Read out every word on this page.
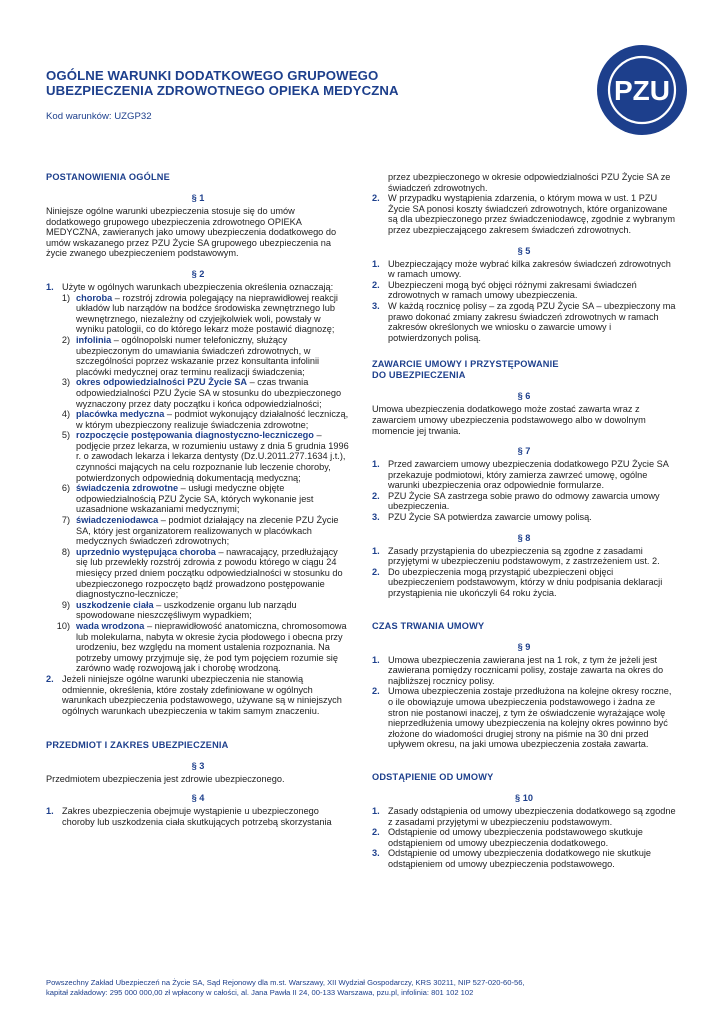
OGÓLNE WARUNKI DODATKOWEGO GRUPOWEGO
UBEZPIECZENIA ZDROWOTNEGO OPIEKA MEDYCZNA
Kod warunków: UZGP32
PZU
POSTANOWIENIA OGÓLNE
§ 1

Niniejsze ogólne warunki ubezpieczenia stosuje się do umów dodatkowego grupowego ubezpieczenia zdrowotnego OPIEKA MEDYCZNA, zawieranych jako umowy ubezpieczenia dodatkowego do umów wskazanego przez PZU Życie SA grupowego ubezpieczenia na życie zwanego ubezpieczeniem podstawowym.

§ 2
1. Użyte w ogólnych warunkach ubezpieczenia określenia oznaczają:
1) choroba – rozstrój zdrowia polegający na nieprawidłowej reakcji układów lub narządów na bodźce środowiska zewnętrznego lub wewnętrznego, niezależny od czyjejkolwiek woli, powstały w wyniku patologii, co do którego lekarz może postawić diagnozę;
2) infolinia – ogólnopolski numer telefoniczny, służący ubezpieczonym do umawiania świadczeń zdrowotnych, w szczególności poprzez wskazanie przez konsultanta infolinii placówki medycznej oraz terminu realizacji świadczenia;
3) okres odpowiedzialności PZU Życie SA – czas trwania odpowiedzialności PZU Życie SA w stosunku do ubezpieczonego wyznaczony przez daty początku i końca odpowiedzialności;
4) placówka medyczna – podmiot wykonujący działalność leczniczą, w którym ubezpieczony realizuje świadczenia zdrowotne;
5) rozpoczęcie postępowania diagnostyczno-leczniczego – podjęcie przez lekarza, w rozumieniu ustawy z dnia 5 grudnia 1996 r. o zawodach lekarza i lekarza dentysty (Dz.U.2011.277.1634 j.t.), czynności mających na celu rozpoznanie lub leczenie choroby, potwierdzonych odpowiednią dokumentacją medyczną;
6) świadczenia zdrowotne – usługi medyczne objęte odpowiedzialnością PZU Życie SA, których wykonanie jest uzasadnione wskazaniami medycznymi;
7) świadczeniodawca – podmiot działający na zlecenie PZU Życie SA, który jest organizatorem realizowanych w placówkach medycznych świadczeń zdrowotnych;
8) uprzednio występująca choroba – nawracający, przedłużający się lub przewlekły rozstrój zdrowia z powodu którego w ciągu 24 miesięcy przed dniem początku odpowiedzialności w stosunku do ubezpieczonego rozpoczęto bądź prowadzono postępowanie diagnostyczno-lecznicze;
9) uszkodzenie ciała – uszkodzenie organu lub narządu spowodowane nieszczęśliwym wypadkiem;
10) wada wrodzona – nieprawidłowość anatomiczna, chromosomowa lub molekularna, nabyta w okresie życia płodowego i obecna przy urodzeniu, bez względu na moment ustalenia rozpoznania. Na potrzeby umowy przyjmuje się, że pod tym pojęciem rozumie się zarówno wadę rozwojową jak i chorobę wrodzoną.
2. Jeżeli niniejsze ogólne warunki ubezpieczenia nie stanowią odmiennie, określenia, które zostały zdefiniowane w ogólnych warunkach ubezpieczenia podstawowego, używane są w niniejszych ogólnych warunkach ubezpieczenia w takim samym znaczeniu.
PRZEDMIOT I ZAKRES UBEZPIECZENIA
§ 3

Przedmiotem ubezpieczenia jest zdrowie ubezpieczonego.

§ 4
1. Zakres ubezpieczenia obejmuje wystąpienie u ubezpieczonego choroby lub uszkodzenia ciała skutkujących potrzebą skorzystania
przez ubezpieczonego w okresie odpowiedzialności PZU Życie SA ze świadczeń zdrowotnych.
2. W przypadku wystąpienia zdarzenia, o którym mowa w ust. 1 PZU Życie SA ponosi koszty świadczeń zdrowotnych, które organizowane są dla ubezpieczonego przez świadczeniodawcę, zgodnie z wybranym przez ubezpieczającego zakresem świadczeń zdrowotnych.
§ 5
1. Ubezpieczający może wybrać kilka zakresów świadczeń zdrowotnych w ramach umowy.
2. Ubezpieczeni mogą być objęci różnymi zakresami świadczeń zdrowotnych w ramach umowy ubezpieczenia.
3. W każdą rocznicę polisy – za zgodą PZU Życie SA – ubezpieczony ma prawo dokonać zmiany zakresu świadczeń zdrowotnych w ramach zakresów określonych we wniosku o zawarcie umowy i potwierdzonych polisą.
ZAWARCIE UMOWY I PRZYSTĘPOWANIE
DO UBEZPIECZENIA
§ 6

Umowa ubezpieczenia dodatkowego może zostać zawarta wraz z zawarciem umowy ubezpieczenia podstawowego albo w dowolnym momencie jej trwania.

§ 7
1. Przed zawarciem umowy ubezpieczenia dodatkowego PZU Życie SA przekazuje podmiotowi, który zamierza zawrzeć umowę, ogólne warunki ubezpieczenia oraz odpowiednie formularze.
2. PZU Życie SA zastrzega sobie prawo do odmowy zawarcia umowy ubezpieczenia.
3. PZU Życie SA potwierdza zawarcie umowy polisą.
§ 8
1. Zasady przystąpienia do ubezpieczenia są zgodne z zasadami przyjętymi w ubezpieczeniu podstawowym, z zastrzeżeniem ust. 2.
2. Do ubezpieczenia mogą przystąpić ubezpieczeni objęci ubezpieczeniem podstawowym, którzy w dniu podpisania deklaracji przystąpienia nie ukończyli 64 roku życia.
CZAS TRWANIA UMOWY
§ 9
1. Umowa ubezpieczenia zawierana jest na 1 rok, z tym że jeżeli jest zawierana pomiędzy rocznicami polisy, zostaje zawarta na okres do najbliższej rocznicy polisy.
2. Umowa ubezpieczenia zostaje przedłużona na kolejne okresy roczne, o ile obowiązuje umowa ubezpieczenia podstawowego i żadna ze stron nie postanowi inaczej, z tym że oświadczenie wyrażające wolę nieprzedłużenia umowy ubezpieczenia na kolejny okres powinno być złożone do wiadomości drugiej strony na piśmie na 30 dni przed upływem okresu, na jaki umowa ubezpieczenia została zawarta.
ODSTĄPIENIE OD UMOWY
§ 10
1. Zasady odstąpienia od umowy ubezpieczenia dodatkowego są zgodne z zasadami przyjętymi w ubezpieczeniu podstawowym.
2. Odstąpienie od umowy ubezpieczenia podstawowego skutkuje odstąpieniem od umowy ubezpieczenia dodatkowego.
3. Odstąpienie od umowy ubezpieczenia dodatkowego nie skutkuje odstąpieniem od umowy ubezpieczenia podstawowego.
Powszechny Zakład Ubezpieczeń na Życie SA, Sąd Rejonowy dla m.st. Warszawy, XII Wydział Gospodarczy, KRS 30211, NIP 527-020-60-56,
kapitał zakładowy: 295 000 000,00 zł wpłacony w całości, al. Jana Pawła II 24, 00-133 Warszawa, pzu.pl, infolinia: 801 102 102
